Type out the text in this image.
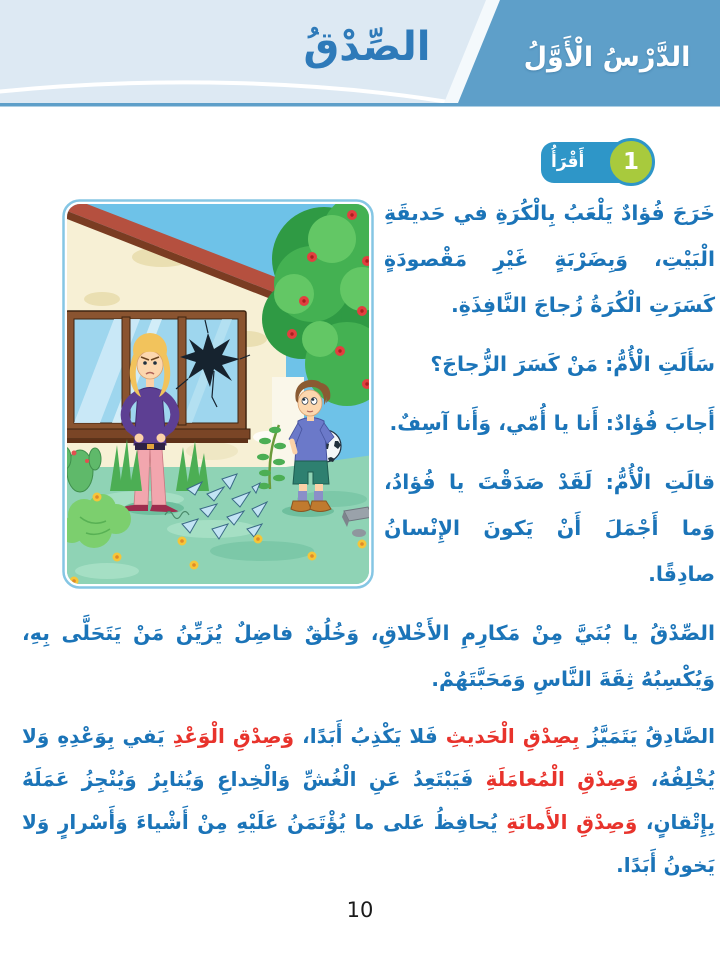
الدَّرْسُ الْأَوَّلُ
الصِّدْقُ
أَقْرَأُ	1

خَرَجَ فُؤادٌ يَلْعَبُ بِالْكُرَةِ في حَديقَةِ الْبَيْتِ، وَبِضَرْبَةٍ غَيْرِ مَقْصودَةٍ كَسَرَتِ الْكُرَةُ زُجاجَ النَّافِذَةِ.

سَأَلَتِ الْأُمُّ: مَنْ كَسَرَ الزُّجاجَ؟

أَجابَ فُؤادٌ: أَنا يا أُمّي، وَأَنا آسِفٌ.

قالَتِ الْأُمُّ: لَقَدْ صَدَقْتَ يا فُؤادُ، وَما أَجْمَلَ أَنْ يَكونَ الإِنْسانُ صادِقًا.

الصِّدْقُ يا بُنَيَّ مِنْ مَكارِمِ الأَخْلاقِ، وَخُلُقٌ فاضِلٌ يُزَيِّنُ مَنْ يَتَحَلَّى بِهِ، وَيُكْسِبُهُ ثِقَةَ النَّاسِ وَمَحَبَّتَهُمْ.

الصَّادِقُ يَتَمَيَّزُ بِصِدْقِ الْحَديثِ فَلا يَكْذِبُ أَبَدًا، وَصِدْقِ الْوَعْدِ يَفي بِوَعْدِهِ وَلا يُخْلِفُهُ، وَصِدْقِ الْمُعامَلَةِ فَيَبْتَعِدُ عَنِ الْغُشِّ وَالْخِداعِ وَيُثابِرُ وَيُنْجِزُ عَمَلَهُ بِإِتْقانٍ، وَصِدْقِ الأَمانَةِ يُحافِظُ عَلى ما يُؤْتَمَنُ عَلَيْهِ مِنْ أَشْياءَ وَأَسْرارٍ وَلا يَخونُ أَبَدًا.

10
